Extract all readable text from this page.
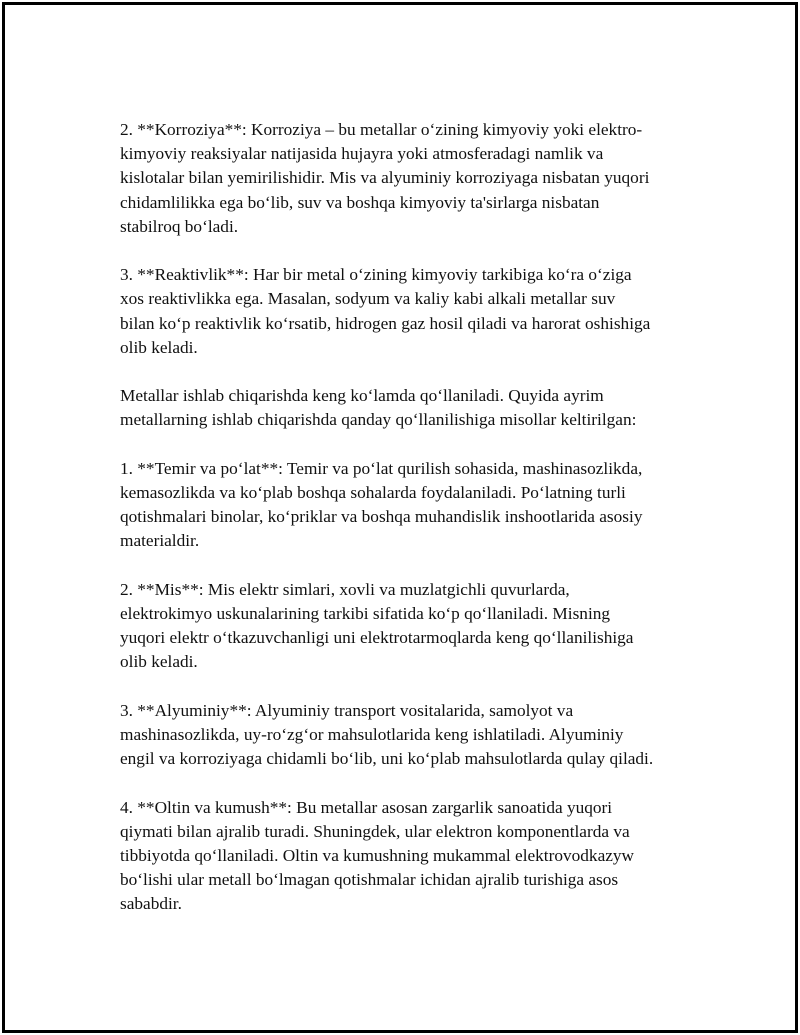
2. **Korroziya**: Korroziya – bu metallar o‘zining kimyoviy yoki elektro-
kimyoviy reaksiyalar natijasida hujayra yoki atmosferadagi namlik va
kislotalar bilan yemirilishidir. Mis va alyuminiy korroziyaga nisbatan yuqori
chidamlilikka ega bo‘lib, suv va boshqa kimyoviy ta'sirlarga nisbatan
stabilroq bo‘ladi.

3. **Reaktivlik**: Har bir metal o‘zining kimyoviy tarkibiga ko‘ra o‘ziga
xos reaktivlikka ega. Masalan, sodyum va kaliy kabi alkali metallar suv
bilan ko‘p reaktivlik ko‘rsatib, hidrogen gaz hosil qiladi va harorat oshishiga
olib keladi.

Metallar ishlab chiqarishda keng ko‘lamda qo‘llaniladi. Quyida ayrim
metallarning ishlab chiqarishda qanday qo‘llanilishiga misollar keltirilgan:

1. **Temir va po‘lat**: Temir va po‘lat qurilish sohasida, mashinasozlikda,
kemasozlikda va ko‘plab boshqa sohalarda foydalaniladi. Po‘latning turli
qotishmalari binolar, ko‘priklar va boshqa muhandislik inshootlarida asosiy
materialdir.

2. **Mis**: Mis elektr simlari, xovli va muzlatgichli quvurlarda,
elektrokimyo uskunalarining tarkibi sifatida ko‘p qo‘llaniladi. Misning
yuqori elektr o‘tkazuvchanligi uni elektrotarmoqlarda keng qo‘llanilishiga
olib keladi.

3. **Alyuminiy**: Alyuminiy transport vositalarida, samolyot va
mashinasozlikda, uy-ro‘zg‘or mahsulotlarida keng ishlatiladi. Alyuminiy
engil va korroziyaga chidamli bo‘lib, uni ko‘plab mahsulotlarda qulay qiladi.

4. **Oltin va kumush**: Bu metallar asosan zargarlik sanoatida yuqori
qiymati bilan ajralib turadi. Shuningdek, ular elektron komponentlarda va
tibbiyotda qo‘llaniladi. Oltin va kumushning mukammal elektrovodkazyw
bo‘lishi ular metall bo‘lmagan qotishmalar ichidan ajralib turishiga asos
sababdir.
